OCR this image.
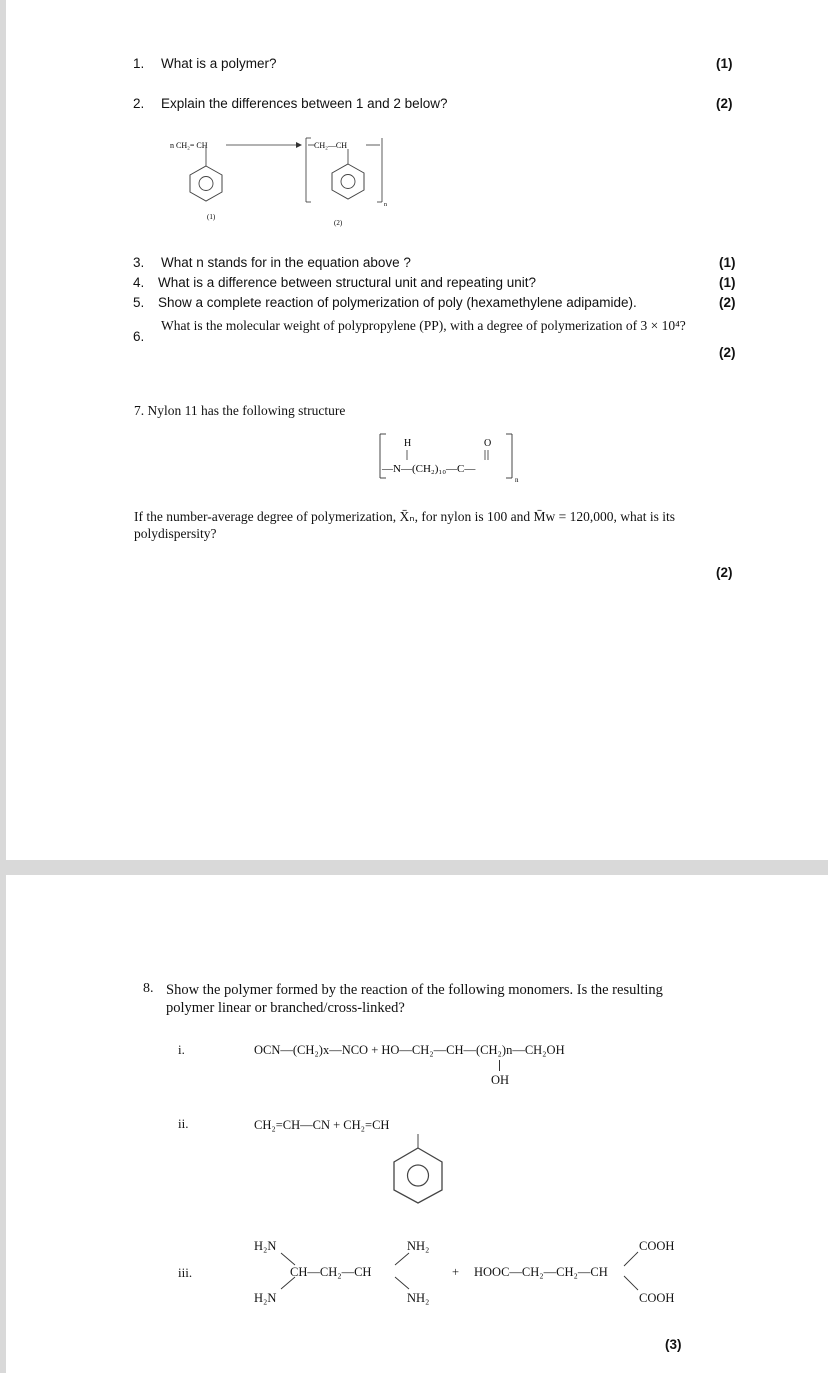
1. What is a polymer?	(1)
2. Explain the differences between 1 and 2 below?	(2)
n CH₂= CH	CH₂—CH
n
(1)
(2)
3. What n stands for in the equation above ?	(1)
4. What is a difference between structural unit and repeating unit?	(1)
5. Show a complete reaction of polymerization of poly (hexamethylene adipamide).	(2)
6.
What is the molecular weight of polypropylene (PP), with a degree of polymerization of 3 × 10⁴?
(2)
7. Nylon 11 has the following structure
H	O
—N—(CH₂)₁₀—C—
n
If the number-average degree of polymerization, X̄ₙ, for nylon is 100 and M̄w = 120,000, what is its
polydispersity?
(2)
8. Show the polymer formed by the reaction of the following monomers. Is the resulting
polymer linear or branched/cross-linked?
i.	OCN—(CH₂)x—NCO + HO—CH₂—CH—(CH₂)n—CH₂OH
OH
ii.	CH₂=CH—CN + CH₂=CH
iii.
H₂N
H₂N
CH—CH₂—CH
NH₂
NH₂
+ HOOC—CH₂—CH₂—CH
COOH
COOH
(3)
